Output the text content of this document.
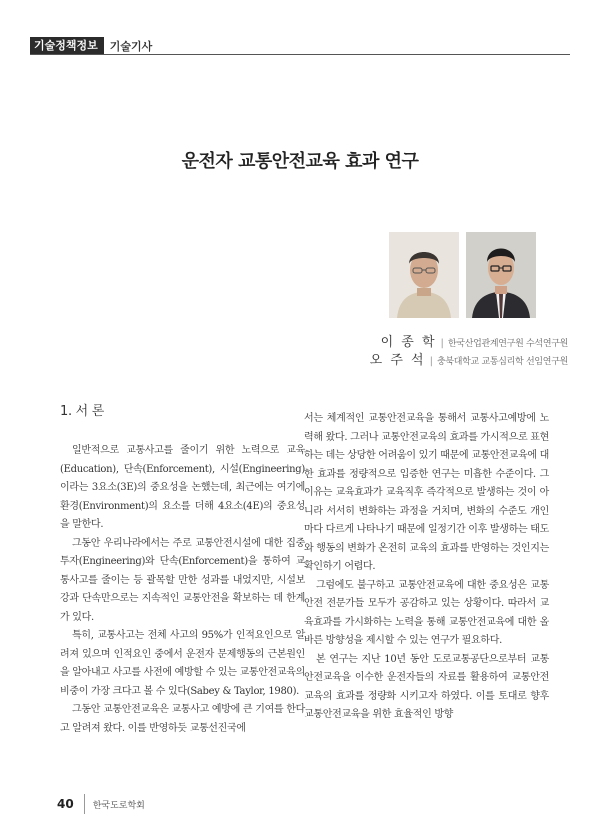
기술정책정보	기술기사
운전자 교통안전교육 효과 연구
이 종 학 | 한국산업관계연구원 수석연구원
오 주 석 | 충북대학교 교통심리학 선임연구원
1. 서 론

일반적으로 교통사고를 줄이기 위한 노력으로 교육(Education), 단속(Enforcement), 시설(Engineering)이라는 3요소(3E)의 중요성을 논했는데, 최근에는 여기에 환경(Environment)의 요소를 더해 4요소(4E)의 중요성을 말한다.

그동안 우리나라에서는 주로 교통안전시설에 대한 집중투자(Engineering)와 단속(Enforcement)을 통하여 교통사고를 줄이는 등 괄목할 만한 성과를 내었지만, 시설보강과 단속만으로는 지속적인 교통안전을 확보하는 데 한계가 있다.

특히, 교통사고는 전체 사고의 95%가 인적요인으로 알려져 있으며 인적요인 중에서 운전자 문제행동의 근본원인을 알아내고 사고를 사전에 예방할 수 있는 교통안전교육의 비중이 가장 크다고 볼 수 있다(Sabey & Taylor, 1980).

그동안 교통안전교육은 교통사고 예방에 큰 기여를 한다고 알려져 왔다. 이를 반영하듯 교통선진국에

서는 체계적인 교통안전교육을 통해서 교통사고예방에 노력해 왔다. 그러나 교통안전교육의 효과를 가시적으로 표현하는 데는 상당한 어려움이 있기 때문에 교통안전교육에 대한 효과를 정량적으로 입증한 연구는 미흡한 수준이다. 그 이유는 교육효과가 교육직후 즉각적으로 발생하는 것이 아니라 서서히 변화하는 과정을 거치며, 변화의 수준도 개인마다 다르게 나타나기 때문에 일정기간 이후 발생하는 태도와 행동의 변화가 온전히 교육의 효과를 반영하는 것인지는 확인하기 어렵다.

그럼에도 불구하고 교통안전교육에 대한 중요성은 교통안전 전문가들 모두가 공감하고 있는 상황이다. 따라서 교육효과를 가시화하는 노력을 통해 교통안전교육에 대한 올바른 방향성을 제시할 수 있는 연구가 필요하다.

본 연구는 지난 10년 동안 도로교통공단으로부터 교통안전교육을 이수한 운전자들의 자료를 활용하여 교통안전교육의 효과를 정량화 시키고자 하였다. 이를 토대로 향후 교통안전교육을 위한 효율적인 방향

40 한국도로학회
